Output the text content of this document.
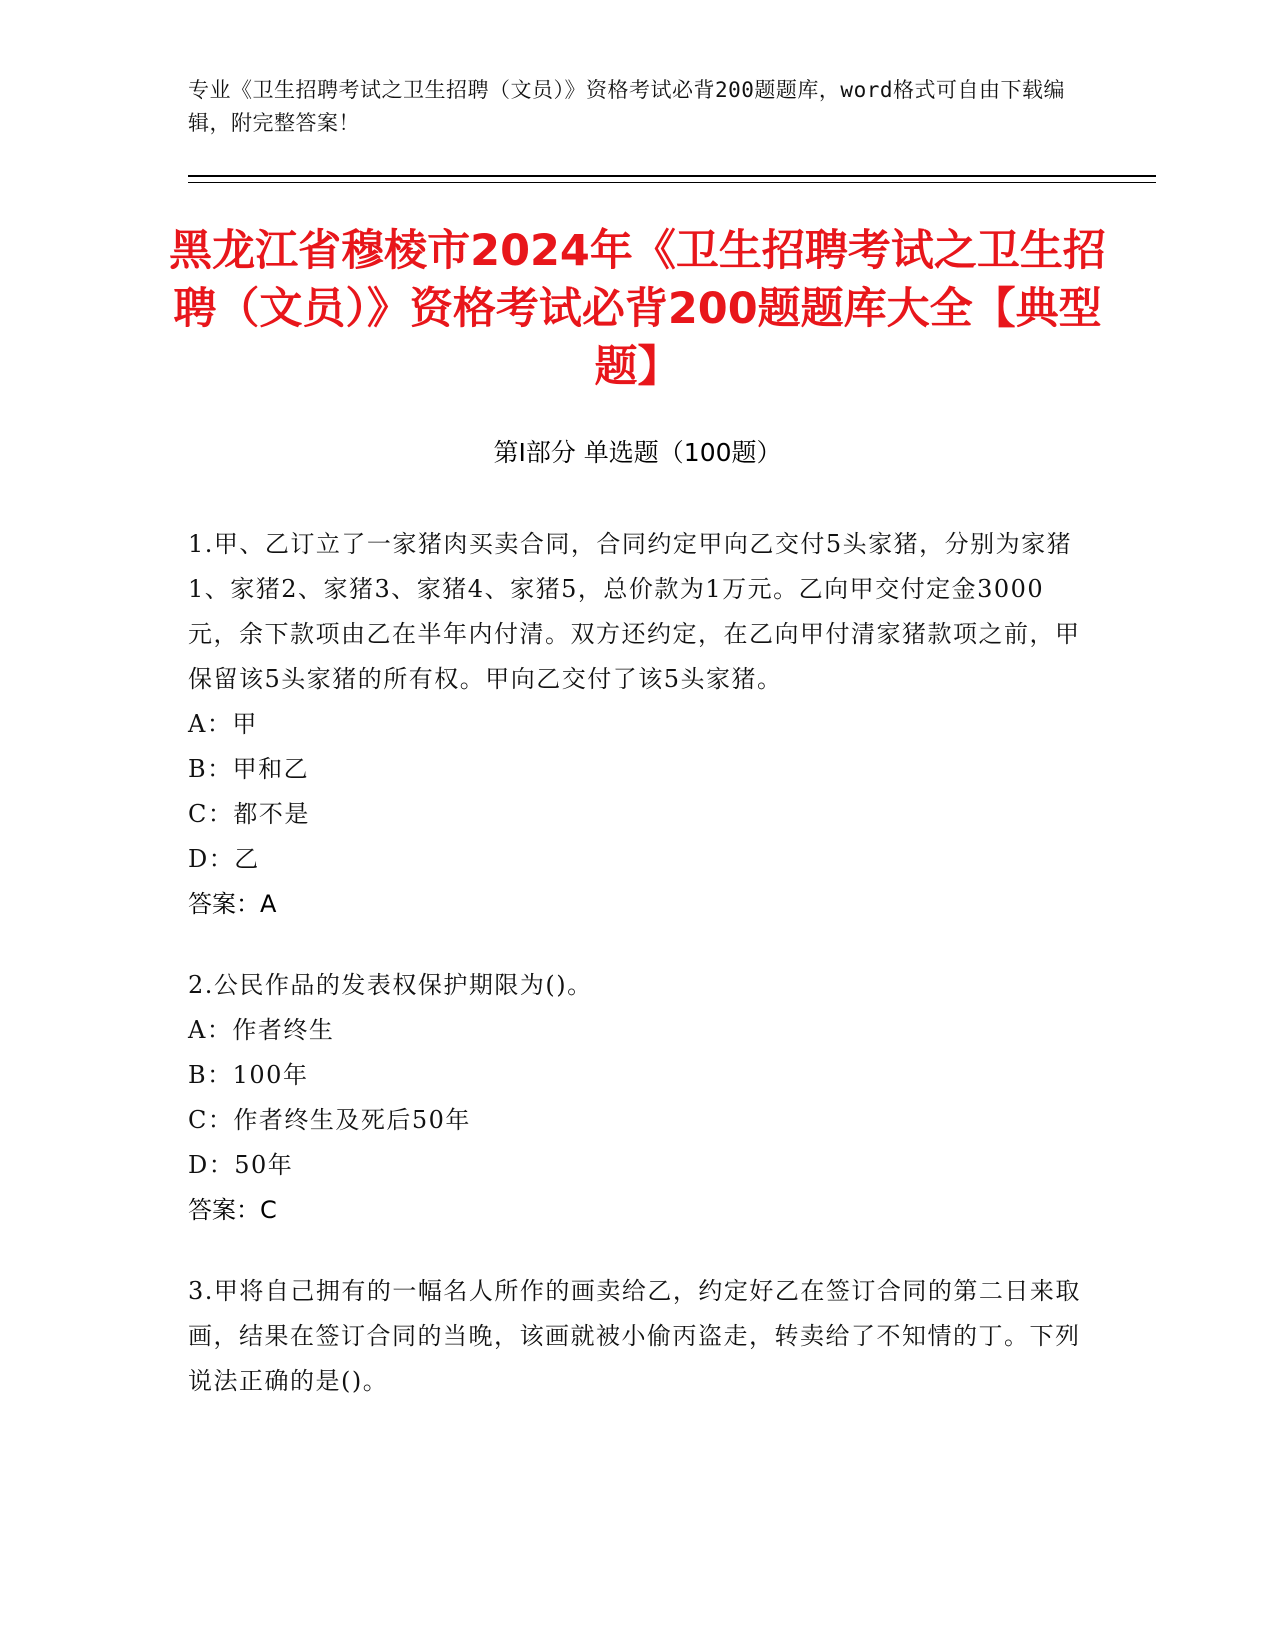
专业《卫生招聘考试之卫生招聘（文员）》资格考试必背200题题库，word格式可自由下载编辑，附完整答案！
黑龙江省穆棱市2024年《卫生招聘考试之卫生招聘（文员）》资格考试必背200题题库大全【典型题】
第Ⅰ部分 单选题（100题）

1.甲、乙订立了一家猪肉买卖合同，合同约定甲向乙交付5头家猪，分别为家猪1、家猪2、家猪3、家猪4、家猪5，总价款为1万元。乙向甲交付定金3000元，余下款项由乙在半年内付清。双方还约定，在乙向甲付清家猪款项之前，甲保留该5头家猪的所有权。甲向乙交付了该5头家猪。

A：甲

B：甲和乙

C：都不是

D：乙

答案：A

2.公民作品的发表权保护期限为()。

A：作者终生

B：100年

C：作者终生及死后50年

D：50年

答案：C

3.甲将自己拥有的一幅名人所作的画卖给乙，约定好乙在签订合同的第二日来取画，结果在签订合同的当晚，该画就被小偷丙盗走，转卖给了不知情的丁。下列说法正确的是()。
